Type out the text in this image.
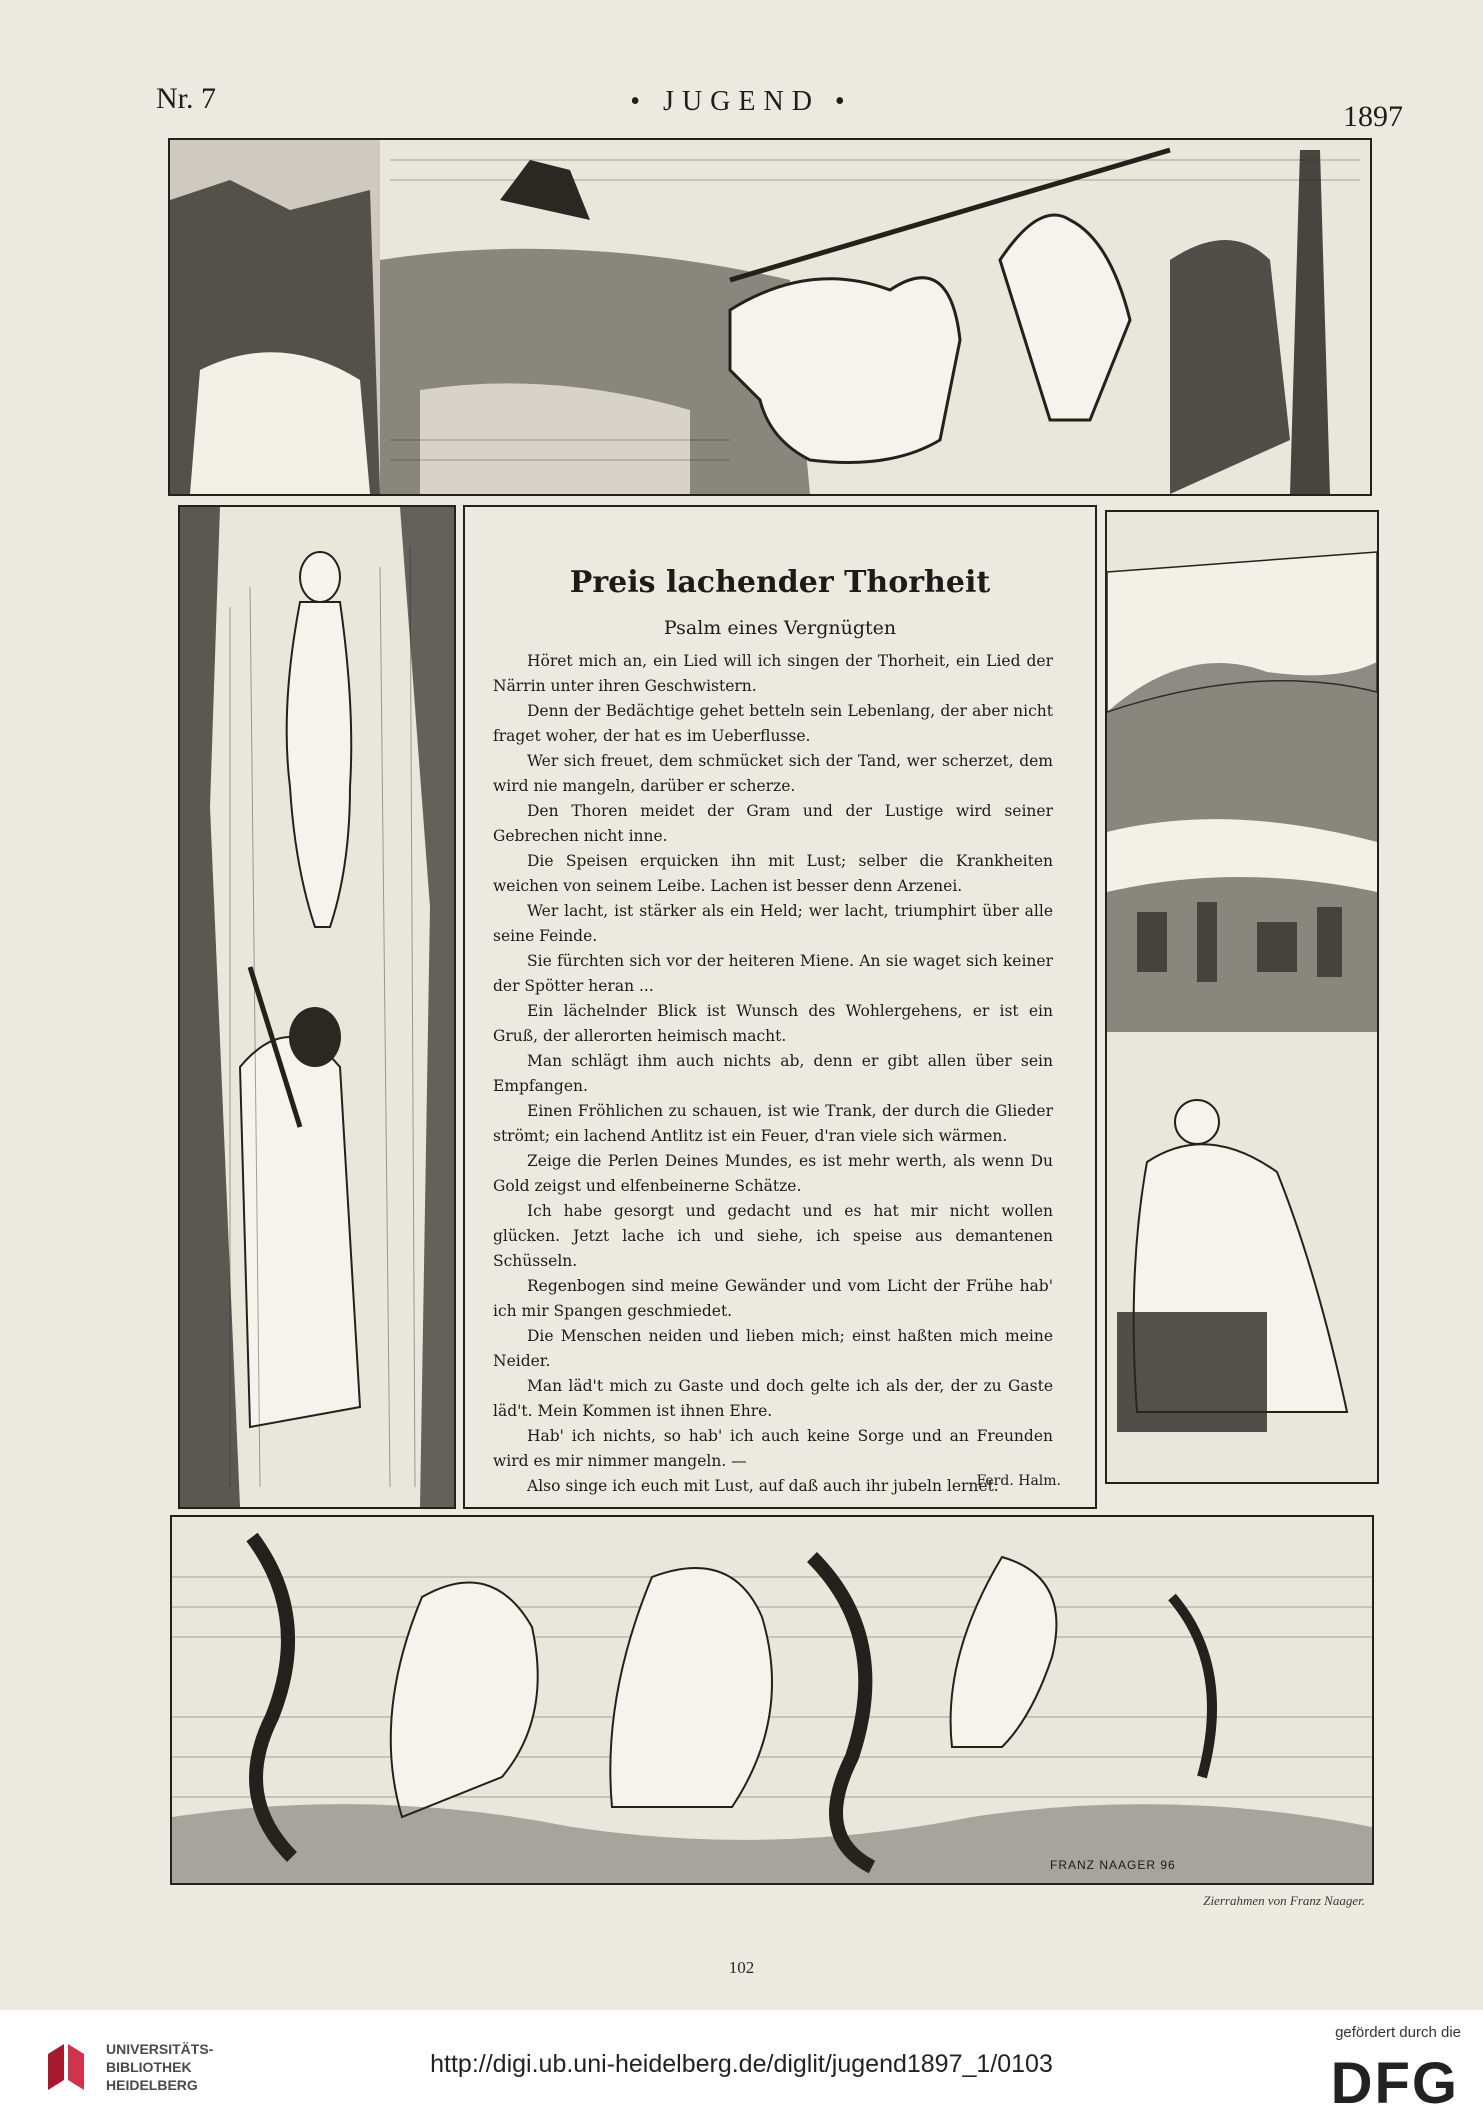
Nr. 7	• JUGEND •	1897
Preis lachender Thorheit
Psalm eines Vergnügten

Höret mich an, ein Lied will ich singen der Thorheit, ein Lied der Närrin unter ihren Geschwistern.

Denn der Bedächtige gehet betteln sein Lebenlang, der aber nicht fraget woher, der hat es im Ueberflusse.

Wer sich freuet, dem schmücket sich der Tand, wer scherzet, dem wird nie mangeln, darüber er scherze.

Den Thoren meidet der Gram und der Lustige wird seiner Gebrechen nicht inne.

Die Speisen erquicken ihn mit Lust; selber die Krankheiten weichen von seinem Leibe. Lachen ist besser denn Arzenei.

Wer lacht, ist stärker als ein Held; wer lacht, triumphirt über alle seine Feinde.

Sie fürchten sich vor der heiteren Miene. An sie waget sich keiner der Spötter heran ...

Ein lächelnder Blick ist Wunsch des Wohlergehens, er ist ein Gruß, der allerorten heimisch macht.

Man schlägt ihm auch nichts ab, denn er gibt allen über sein Empfangen.

Einen Fröhlichen zu schauen, ist wie Trank, der durch die Glieder strömt; ein lachend Antlitz ist ein Feuer, d'ran viele sich wärmen.

Zeige die Perlen Deines Mundes, es ist mehr werth, als wenn Du Gold zeigst und elfenbeinerne Schätze.

Ich habe gesorgt und gedacht und es hat mir nicht wollen glücken. Jetzt lache ich und siehe, ich speise aus demantenen Schüsseln.

Regenbogen sind meine Gewänder und vom Licht der Frühe hab' ich mir Spangen geschmiedet.

Die Menschen neiden und lieben mich; einst haßten mich meine Neider.

Man läd't mich zu Gaste und doch gelte ich als der, der zu Gaste läd't. Mein Kommen ist ihnen Ehre.

Hab' ich nichts, so hab' ich auch keine Sorge und an Freunden wird es mir nimmer mangeln. —

Also singe ich euch mit Lust, auf daß auch ihr jubeln lernet.

Ferd. Halm.
FRANZ NAAGER 96
Zierrahmen von Franz Naager.
102
UNIVERSITÄTS-
BIBLIOTHEK
HEIDELBERG
http://digi.ub.uni-heidelberg.de/diglit/jugend1897_1/0103
gefördert durch die
DFG
